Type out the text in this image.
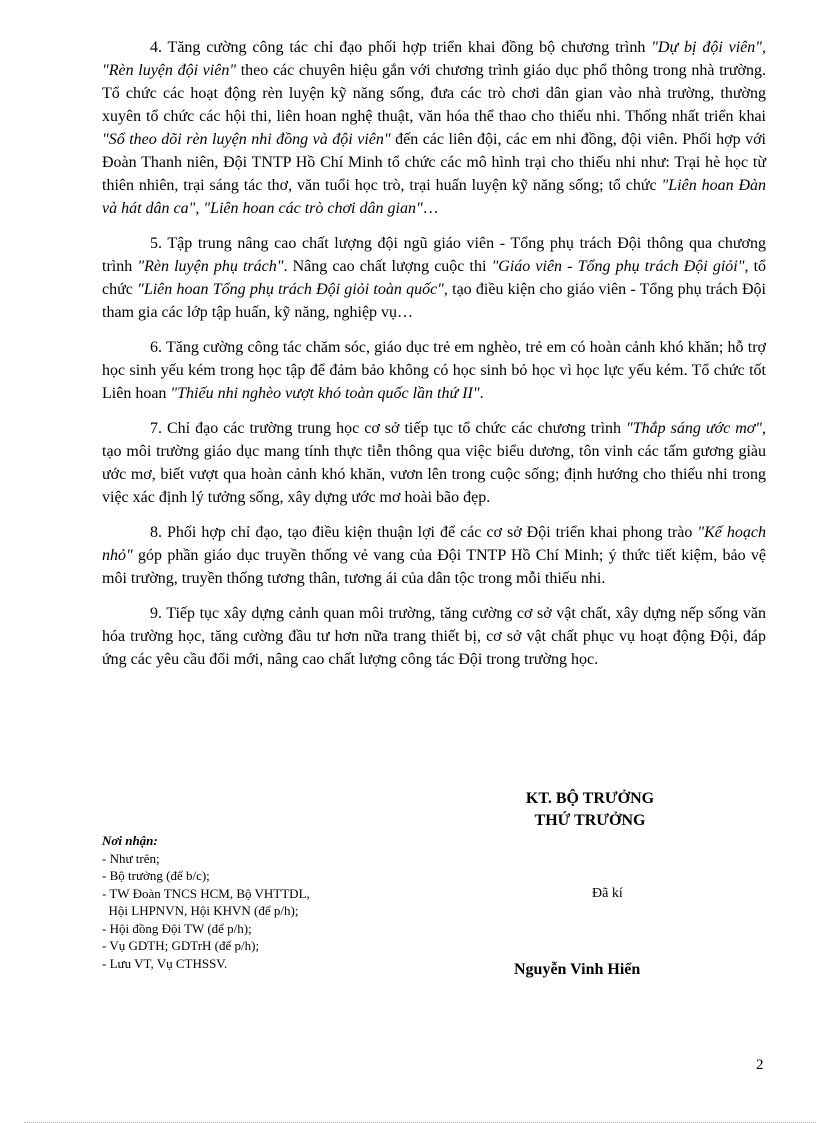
4. Tăng cường công tác chỉ đạo phối hợp triển khai đồng bộ chương trình "Dự bị đội viên", "Rèn luyện đội viên" theo các chuyên hiệu gắn với chương trình giáo dục phổ thông trong nhà trường. Tổ chức các hoạt động rèn luyện kỹ năng sống, đưa các trò chơi dân gian vào nhà trường, thường xuyên tổ chức các hội thi, liên hoan nghệ thuật, văn hóa thể thao cho thiếu nhi. Thống nhất triển khai "Sổ theo dõi rèn luyện nhi đồng và đội viên" đến các liên đội, các em nhi đồng, đội viên. Phối hợp với Đoàn Thanh niên, Đội TNTP Hồ Chí Minh tổ chức các mô hình trại cho thiếu nhi như: Trại hè học từ thiên nhiên, trại sáng tác thơ, văn tuổi học trò, trại huấn luyện kỹ năng sống; tổ chức "Liên hoan Đàn và hát dân ca", "Liên hoan các trò chơi dân gian"…

5. Tập trung nâng cao chất lượng đội ngũ giáo viên - Tổng phụ trách Đội thông qua chương trình "Rèn luyện phụ trách". Nâng cao chất lượng cuộc thi "Giáo viên - Tổng phụ trách Đội giỏi", tổ chức "Liên hoan Tổng phụ trách Đội giỏi toàn quốc", tạo điều kiện cho giáo viên - Tổng phụ trách Đội tham gia các lớp tập huấn, kỹ năng, nghiệp vụ…

6. Tăng cường công tác chăm sóc, giáo dục trẻ em nghèo, trẻ em có hoàn cảnh khó khăn; hỗ trợ học sinh yếu kém trong học tập để đảm bảo không có học sinh bỏ học vì học lực yếu kém. Tổ chức tốt Liên hoan "Thiếu nhi nghèo vượt khó toàn quốc lần thứ II".

7. Chỉ đạo các trường trung học cơ sở tiếp tục tổ chức các chương trình "Thắp sáng ước mơ", tạo môi trường giáo dục mang tính thực tiễn thông qua việc biểu dương, tôn vinh các tấm gương giàu ước mơ, biết vượt qua hoàn cảnh khó khăn, vươn lên trong cuộc sống; định hướng cho thiếu nhi trong việc xác định lý tưởng sống, xây dựng ước mơ hoài bão đẹp.

8. Phối hợp chỉ đạo, tạo điều kiện thuận lợi để các cơ sở Đội triển khai phong trào "Kế hoạch nhỏ" góp phần giáo dục truyền thống vẻ vang của Đội TNTP Hồ Chí Minh; ý thức tiết kiệm, bảo vệ môi trường, truyền thống tương thân, tương ái của dân tộc trong mỗi thiếu nhi.

9. Tiếp tục xây dựng cảnh quan môi trường, tăng cường cơ sở vật chất, xây dựng nếp sống văn hóa trường học, tăng cường đầu tư hơn nữa trang thiết bị, cơ sở vật chất phục vụ hoạt động Đội, đáp ứng các yêu cầu đổi mới, nâng cao chất lượng công tác Đội trong trường học.

KT. BỘ TRƯỞNG
THỨ TRƯỞNG
Nơi nhận:
- Như trên;
- Bộ trưởng (để b/c);
- TW Đoàn TNCS HCM, Bộ VHTTDL,
Hội LHPNVN, Hội KHVN (để p/h);
- Hội đồng Đội TW (để p/h);
- Vụ GDTH; GDTrH (để p/h);
- Lưu VT, Vụ CTHSSV.
Đã kí
Nguyễn Vinh Hiển
2
